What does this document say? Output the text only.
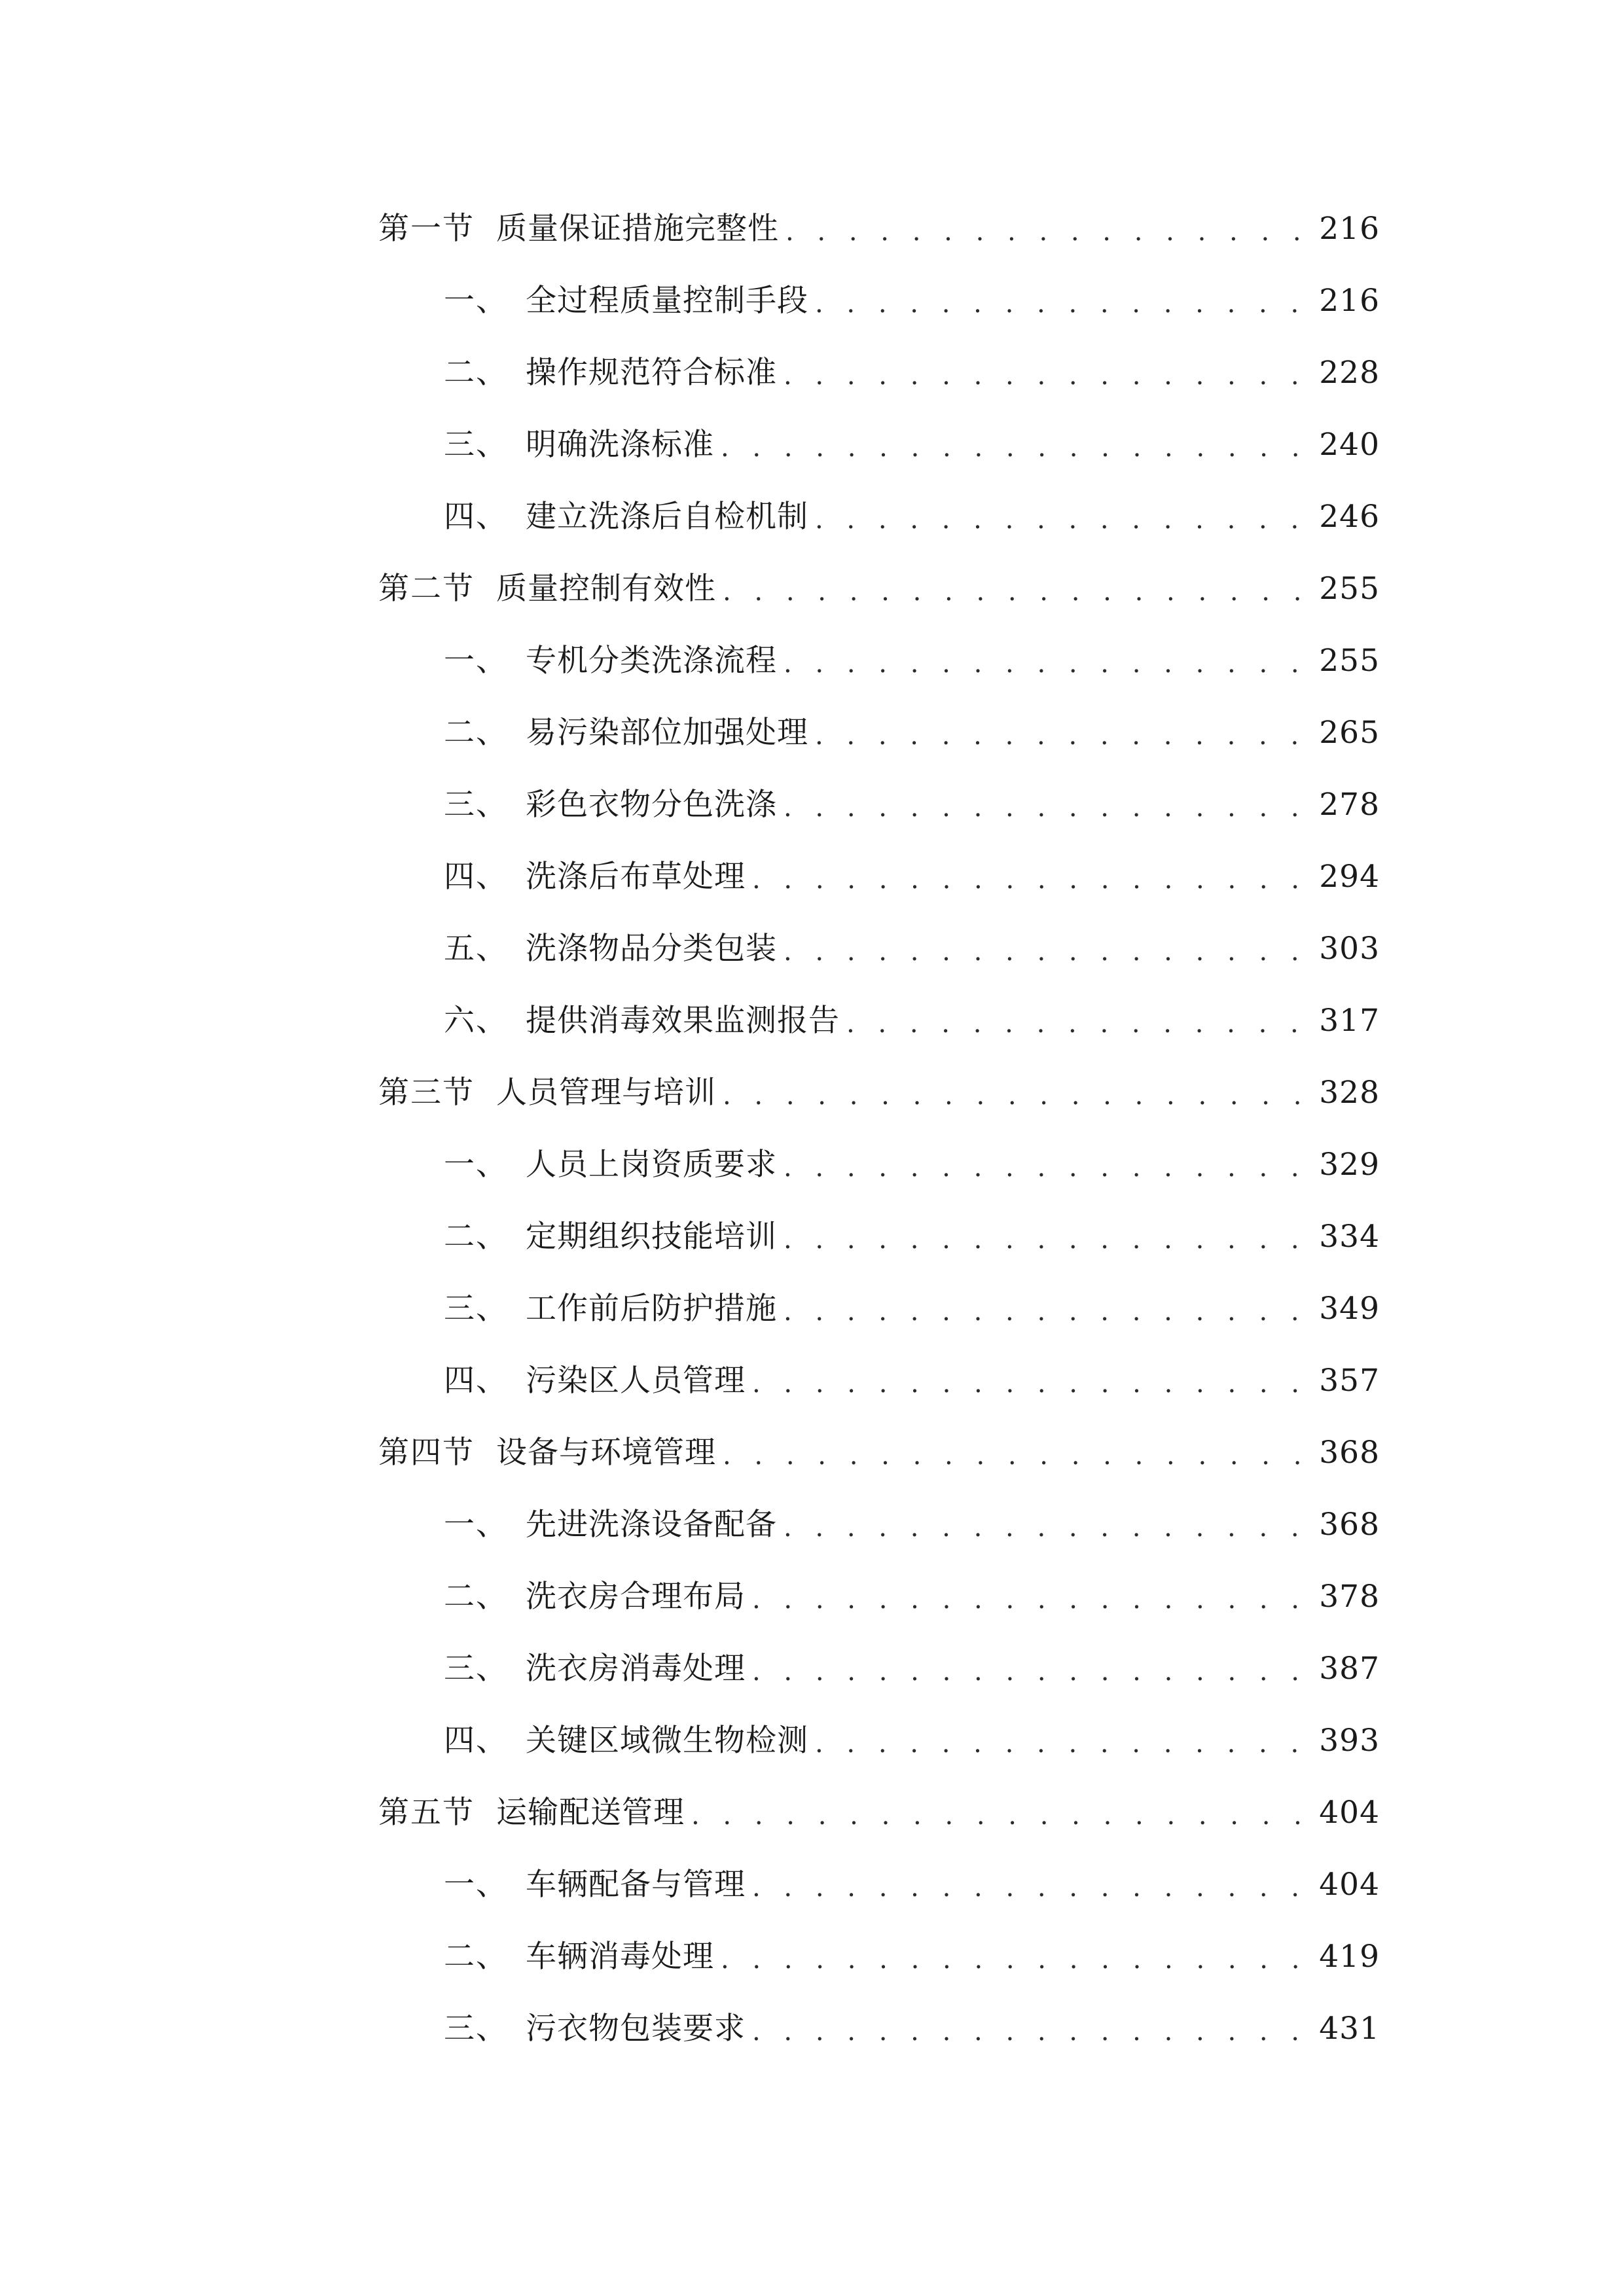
第一节 质量保证措施完整性 . . .	216
一、 全过程质量控制手段 . . .	216
二、 操作规范符合标准 . . .	228
三、 明确洗涤标准 . . .	240
四、 建立洗涤后自检机制 . . .	246
第二节 质量控制有效性 . . .	255
一、 专机分类洗涤流程 . . .	255
二、 易污染部位加强处理 . . .	265
三、 彩色衣物分色洗涤 . . .	278
四、 洗涤后布草处理 . . .	294
五、 洗涤物品分类包装 . . .	303
六、 提供消毒效果监测报告 . . .	317
第三节 人员管理与培训 . . .	328
一、 人员上岗资质要求 . . .	329
二、 定期组织技能培训 . . .	334
三、 工作前后防护措施 . . .	349
四、 污染区人员管理 . . .	357
第四节 设备与环境管理 . . .	368
一、 先进洗涤设备配备 . . .	368
二、 洗衣房合理布局 . . .	378
三、 洗衣房消毒处理 . . .	387
四、 关键区域微生物检测 . . .	393
第五节 运输配送管理 . . .	404
一、 车辆配备与管理 . . .	404
二、 车辆消毒处理 . . .	419
三、 污衣物包装要求 . . .	431
